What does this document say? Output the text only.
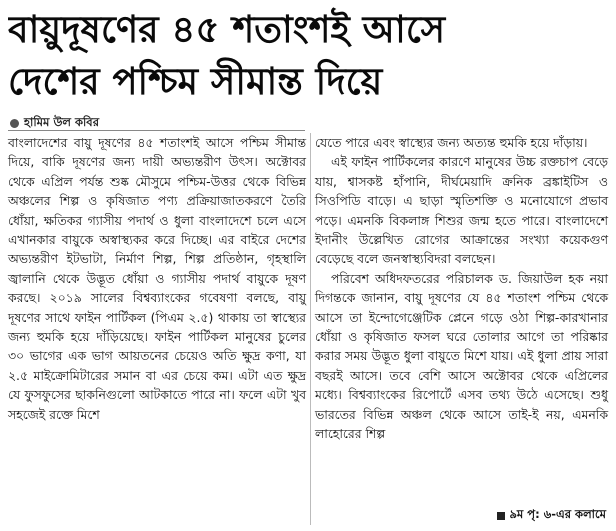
বায়ুদূষণের ৪৫ শতাংশই আসে
দেশের পশ্চিম সীমান্ত দিয়ে
হামিম উল কবির

বাংলাদেশের বায়ু দূষণের ৪৫ শতাংশই আসে পশ্চিম সীমান্ত দিয়ে, বাকি দূষণের জন্য দায়ী অভ্যন্তরীণ উৎস। অক্টোবর থেকে এপ্রিল পর্যন্ত শুষ্ক মৌসুমে পশ্চিম-উত্তর থেকে বিভিন্ন অঞ্চলের শিল্প ও কৃষিজাত পণ্য প্রক্রিয়াজাতকরণে তৈরি ধোঁয়া, ক্ষতিকর গ্যাসীয় পদার্থ ও ধুলা বাংলাদেশে চলে এসে এখানকার বায়ুকে অস্বাস্থ্যকর করে দিচ্ছে। এর বাইরে দেশের অভ্যন্তরীণ ইটভাটা, নির্মাণ শিল্প, শিল্প প্রতিষ্ঠান, গৃহস্থালি জ্বালানি থেকে উদ্ভূত ধোঁয়া ও গ্যাসীয় পদার্থ বায়ুকে দূষণ করছে। ২০১৯ সালের বিশ্বব্যাংকের গবেষণা বলছে, বায়ু দূষণের সাথে ফাইন পার্টিকল (পিএম ২.৫) থাকায় তা স্বাস্থ্যের জন্য হুমকি হয়ে দাঁড়িয়েছে। ফাইন পার্টিকল মানুষের চুলের ৩০ ভাগের এক ভাগ আয়তনের চেয়েও অতি ক্ষুদ্র কণা, যা ২.৫ মাইক্রোমিটারের সমান বা এর চেয়ে কম। এটা এত ক্ষুদ্র যে ফুসফুসের ছাকনিগুলো আটকাতে পারে না। ফলে এটা খুব সহজেই রক্তে মিশে

যেতে পারে এবং স্বাস্থ্যের জন্য অত্যন্ত হুমকি হয়ে দাঁড়ায়।

এই ফাইন পার্টিকলের কারণে মানুষের উচ্চ রক্তচাপ বেড়ে যায়, শ্বাসকষ্ট হাঁপানি, দীর্ঘমেয়াদি ক্রনিক ব্রঙ্কাইটিস ও সিওপিডি বাড়ে। এ ছাড়া স্মৃতিশক্তি ও মনোযোগে প্রভাব পড়ে। এমনকি বিকলাঙ্গ শিশুর জন্ম হতে পারে। বাংলাদেশে ইদানীং উল্লেখিত রোগের আক্রান্তের সংখ্যা কয়েকগুণ বেড়েছে বলে জনস্বাস্থ্যবিদরা বলছেন।

পরিবেশ অধিদফতরের পরিচালক ড. জিয়াউল হক নয়া দিগন্তকে জানান, বায়ু দূষণের যে ৪৫ শতাংশ পশ্চিম থেকে আসে তা ইন্দোগেঞ্জেটিক প্লেনে গড়ে ওঠা শিল্প-কারখানার ধোঁয়া ও কৃষিজাত ফসল ঘরে তোলার আগে তা পরিষ্কার করার সময় উদ্ভূত ধুলা বায়ুতে মিশে যায়। এই ধুলা প্রায় সারা বছরই আসে। তবে বেশি আসে অক্টোবর থেকে এপ্রিলের মধ্যে। বিশ্বব্যাংকের রিপোর্টে এসব তথ্য উঠে এসেছে। শুধু ভারতের বিভিন্ন অঞ্চল থেকে আসে তাই-ই নয়, এমনকি লাহোরের শিল্প

৯ম পৃ: ৬-এর কলামে
